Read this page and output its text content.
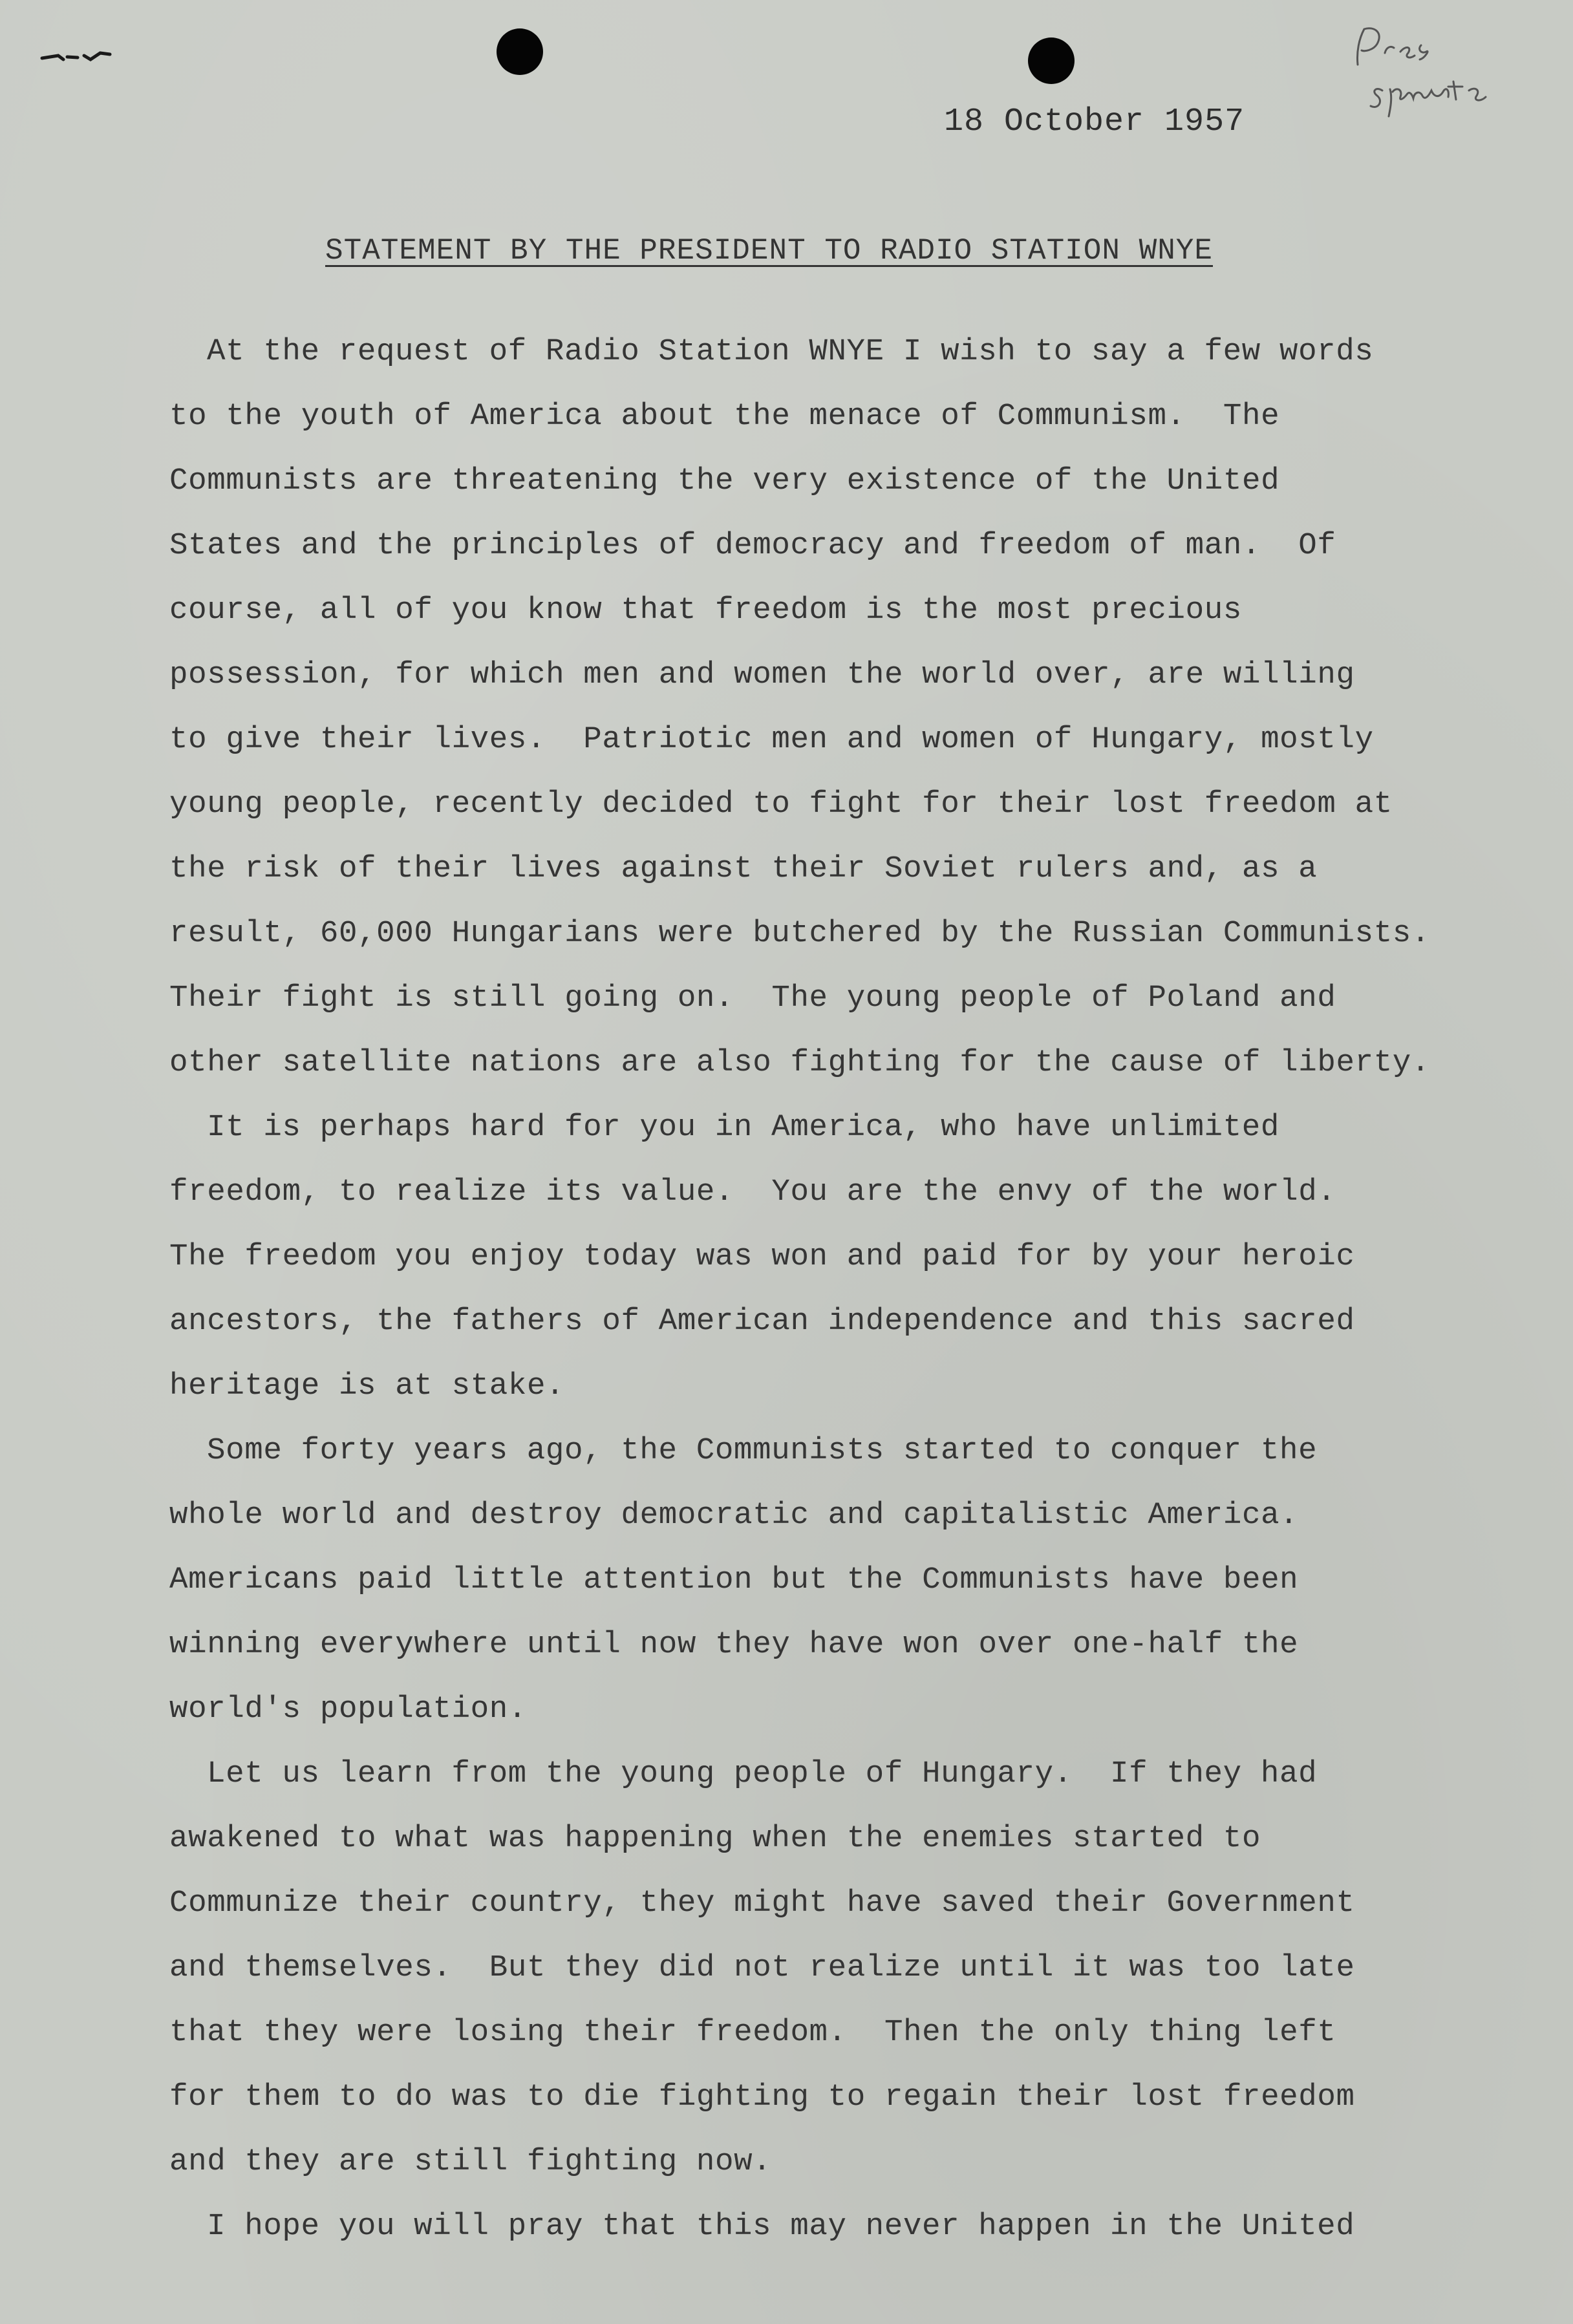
18 October 1957
STATEMENT BY THE PRESIDENT TO RADIO STATION WNYE
At the request of Radio Station WNYE I wish to say a few words
to the youth of America about the menace of Communism.  The
Communists are threatening the very existence of the United
States and the principles of democracy and freedom of man.  Of
course, all of you know that freedom is the most precious
possession, for which men and women the world over, are willing
to give their lives.  Patriotic men and women of Hungary, mostly
young people, recently decided to fight for their lost freedom at
the risk of their lives against their Soviet rulers and, as a
result, 60,000 Hungarians were butchered by the Russian Communists.
Their fight is still going on.  The young people of Poland and
other satellite nations are also fighting for the cause of liberty.
It is perhaps hard for you in America, who have unlimited
freedom, to realize its value.  You are the envy of the world.
The freedom you enjoy today was won and paid for by your heroic
ancestors, the fathers of American independence and this sacred
heritage is at stake.
Some forty years ago, the Communists started to conquer the
whole world and destroy democratic and capitalistic America.
Americans paid little attention but the Communists have been
winning everywhere until now they have won over one-half the
world's population.
Let us learn from the young people of Hungary.  If they had
awakened to what was happening when the enemies started to
Communize their country, they might have saved their Government
and themselves.  But they did not realize until it was too late
that they were losing their freedom.  Then the only thing left
for them to do was to die fighting to regain their lost freedom
and they are still fighting now.
I hope you will pray that this may never happen in the United
